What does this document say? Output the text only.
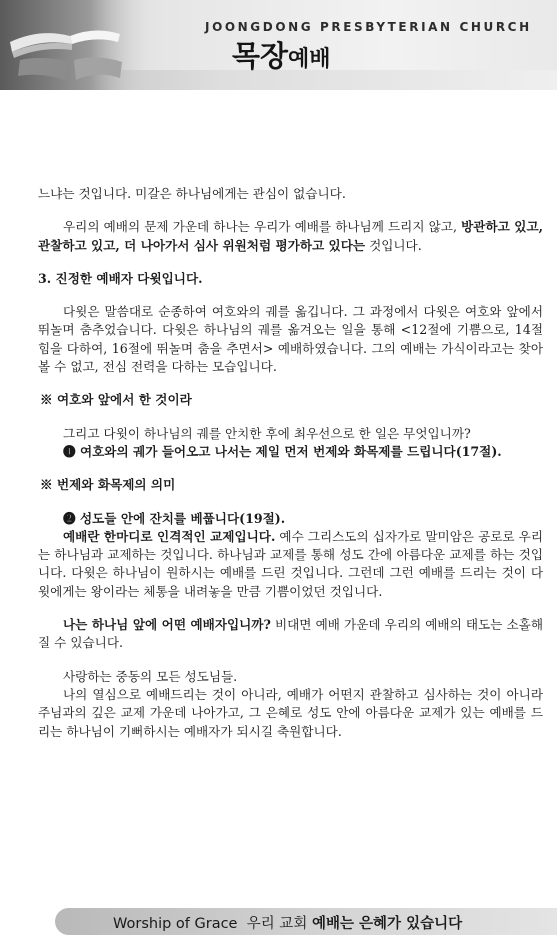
JOONGDONG PRESBYTERIAN CHURCH
목장예배

느냐는 것입니다. 미갈은 하나님에게는 관심이 없습니다.

우리의 예배의 문제 가운데 하나는 우리가 예배를 하나님께 드리지 않고, 방관하고 있고, 관찰하고 있고, 더 나아가서 심사 위원처럼 평가하고 있다는 것입니다.

3. 진정한 예배자 다윗입니다.

다윗은 말씀대로 순종하여 여호와의 궤를 옮깁니다. 그 과정에서 다윗은 여호와 앞에서 뛰놀며 춤추었습니다. 다윗은 하나님의 궤를 옮겨오는 일을 통해 <12절에 기쁨으로, 14절 힘을 다하여, 16절에 뛰놀며 춤을 추면서> 예배하였습니다. 그의 예배는 가식이라고는 찾아 볼 수 없고, 전심 전력을 다하는 모습입니다.

※ 여호와 앞에서 한 것이라

그리고 다윗이 하나님의 궤를 안치한 후에 최우선으로 한 일은 무엇입니까?

❶ 여호와의 궤가 들어오고 나서는 제일 먼저 번제와 화목제를 드립니다(17절).

※ 번제와 화목제의 의미

❷ 성도들 안에 잔치를 베풉니다(19절).

예배란 한마디로 인격적인 교제입니다. 예수 그리스도의 십자가로 말미암은 공로로 우리는 하나님과 교제하는 것입니다. 하나님과 교제를 통해 성도 간에 아름다운 교제를 하는 것입니다. 다윗은 하나님이 원하시는 예배를 드린 것입니다. 그런데 그런 예배를 드리는 것이 다윗에게는 왕이라는 체통을 내려놓을 만큼 기쁨이었던 것입니다.

나는 하나님 앞에 어떤 예배자입니까? 비대면 예배 가운데 우리의 예배의 태도는 소홀해 질 수 있습니다.

사랑하는 중동의 모든 성도님들.

나의 열심으로 예배드리는 것이 아니라, 예배가 어떤지 관찰하고 심사하는 것이 아니라 주님과의 깊은 교제 가운데 나아가고, 그 은혜로 성도 안에 아름다운 교제가 있는 예배를 드리는 하나님이 기뻐하시는 예배자가 되시길 축원합니다.

Worship of Grace 우리 교회 예배는 은혜가 있습니다
